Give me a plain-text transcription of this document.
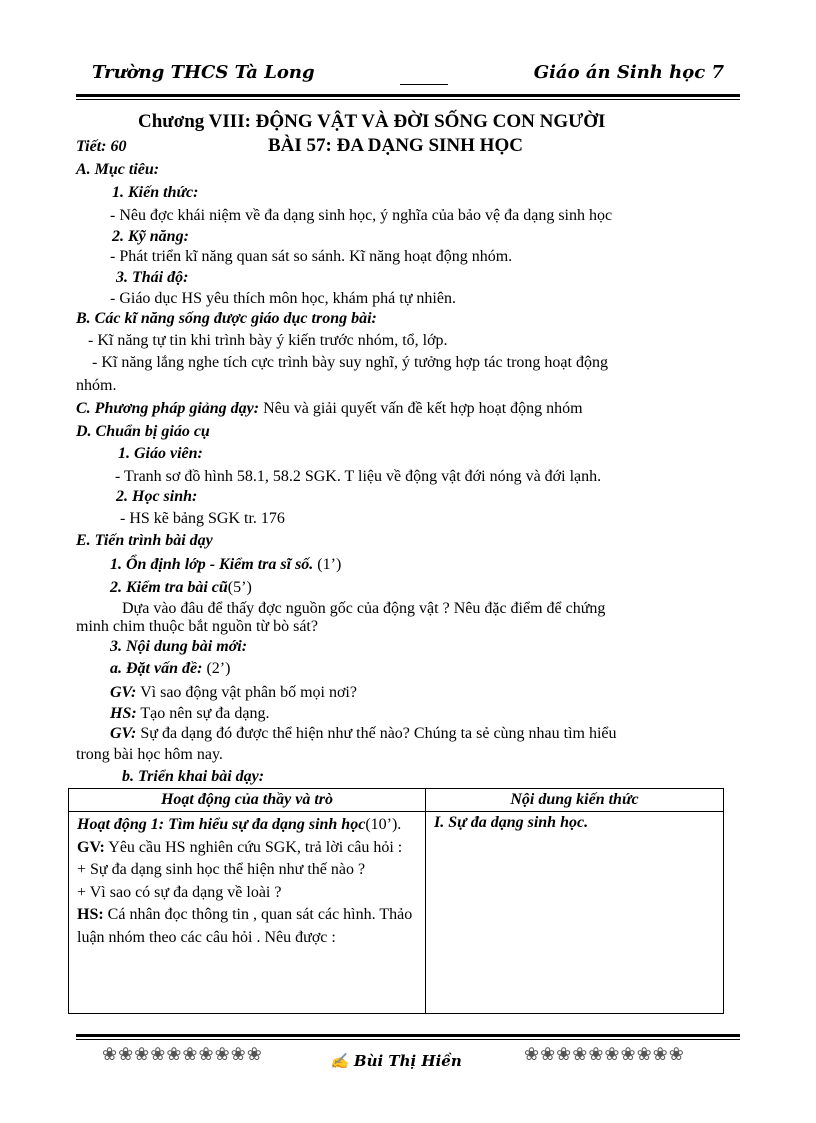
Trường THCS Tà Long	Giáo án Sinh học 7
Chương VIII: ĐỘNG VẬT VÀ ĐỜI SỐNG CON NGƯỜI
Tiết: 60	BÀI 57: ĐA DẠNG SINH HỌC
A. Mục tiêu:
1. Kiến thức:
- Nêu đợc khái niệm về đa dạng sinh học, ý nghĩa của bảo vệ đa dạng sinh học
2. Kỹ năng:
- Phát triển kĩ năng quan sát so sánh. Kĩ năng hoạt động nhóm.
3. Thái độ:
- Giáo dục HS yêu thích môn học, khám phá tự nhiên.
B. Các kĩ năng sống được giáo dục trong bài:
- Kĩ năng tự tin khi trình bày ý kiến trước nhóm, tổ, lớp.
- Kĩ năng lắng nghe tích cực trình bày suy nghĩ, ý tưởng hợp tác trong hoạt động
nhóm.
C. Phương pháp giảng dạy: Nêu và giải quyết vấn đề kết hợp hoạt động nhóm
D. Chuẩn bị giáo cụ
1. Giáo viên:
- Tranh sơ đồ hình 58.1, 58.2 SGK. T liệu về động vật đới nóng và đới lạnh.
2. Học sinh:
- HS kẽ bảng SGK tr. 176
E. Tiến trình bài dạy
1. Ổn định lớp - Kiểm tra sĩ số. (1’)
2. Kiểm tra bài cũ(5’)
Dựa vào đâu để thấy đợc nguồn gốc của động vật ? Nêu đặc điểm để chứng
minh chim thuộc bắt nguồn từ bò sát?
3. Nội dung bài mới:
a. Đặt vấn đề: (2’)
GV: Vì sao động vật phân bố mọi nơi?
HS: Tạo nên sự đa dạng.
GV: Sự đa dạng đó được thể hiện như thế nào? Chúng ta sẻ cùng nhau tìm hiểu
trong bài học hôm nay.
b. Triển khai bài dạy:
Hoạt động của thầy và trò	Nội dung kiến thức

Hoạt động 1: Tìm hiểu sự đa dạng sinh học(10’).
GV: Yêu cầu HS nghiên cứu SGK, trả lời câu hỏi :
+ Sự đa dạng sinh học thể hiện như thế nào ?
+ Vì sao có sự đa dạng về loài ?
HS: Cá nhân đọc thông tin , quan sát các hình. Thảo luận nhóm theo các câu hỏi . Nêu được :	I. Sự đa dạng sinh học.
❀❀❀❀❀❀❀❀❀❀	✍ Bùi Thị Hiền	❀❀❀❀❀❀❀❀❀❀
